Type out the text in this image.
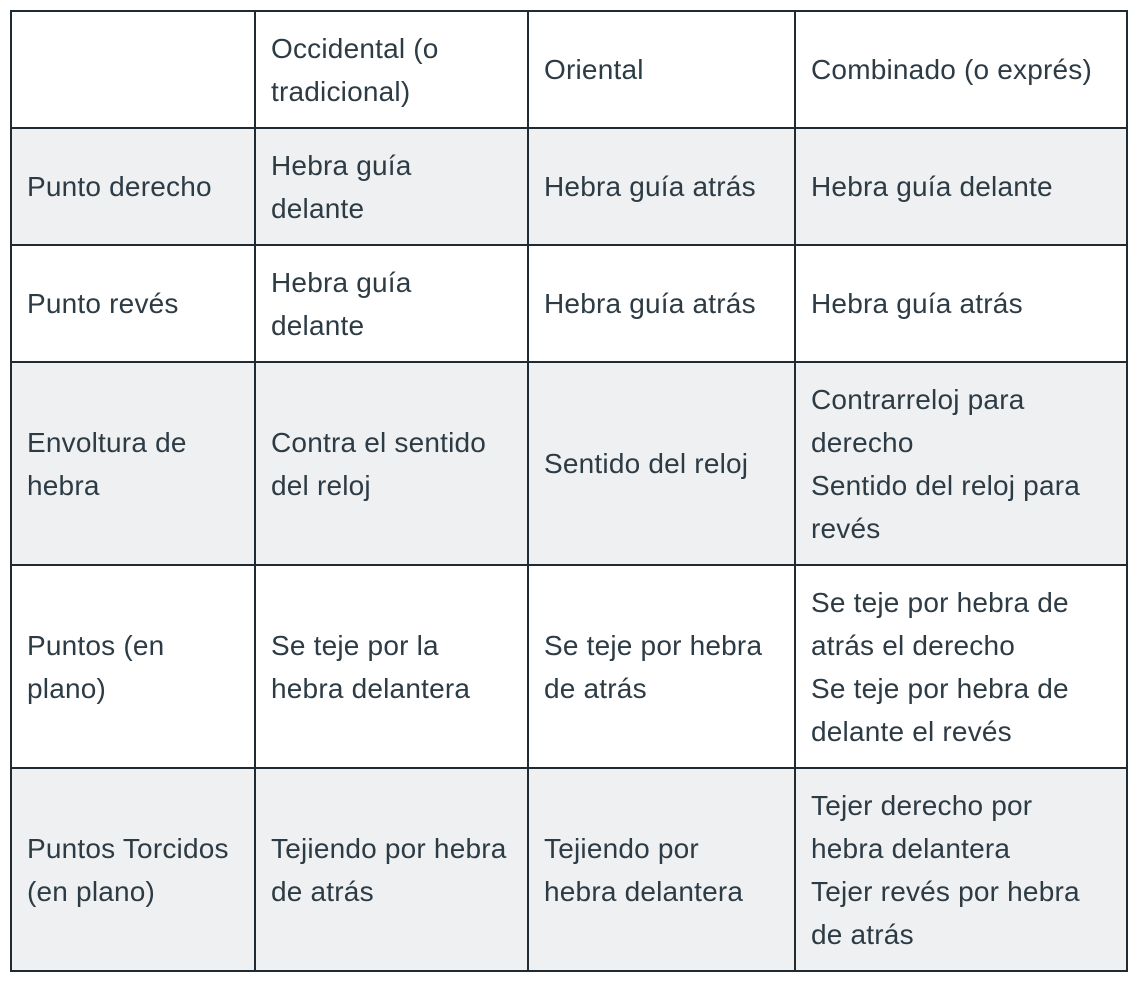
	Occidental (o tradicional)	Oriental	Combinado (o exprés)
Punto derecho	Hebra guía delante	Hebra guía atrás	Hebra guía delante

Punto revés	Hebra guía delante	Hebra guía atrás	Hebra guía atrás

Envoltura de hebra	Contra el sentido del reloj	Sentido del reloj	Contrarreloj para derecho
Sentido del reloj para revés

Puntos (en plano)	Se teje por la hebra delantera	Se teje por hebra de atrás	Se teje por hebra de atrás el derecho
Se teje por hebra de delante el revés

Puntos Torcidos (en plano)	Tejiendo por hebra de atrás	Tejiendo por hebra delantera	Tejer derecho por hebra delantera
Tejer revés por hebra de atrás
